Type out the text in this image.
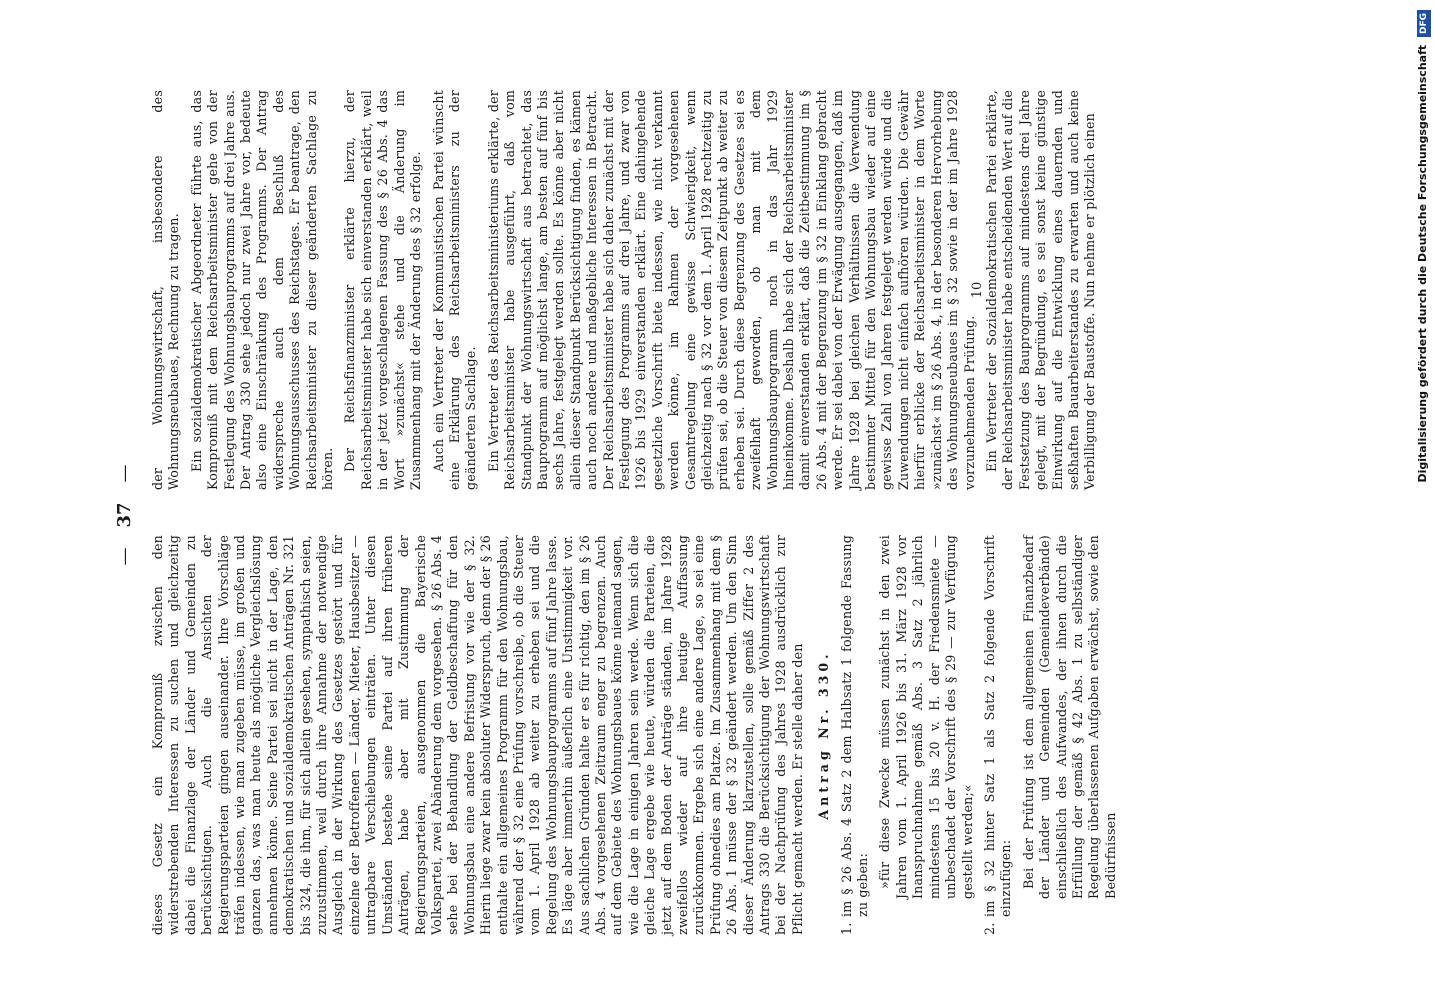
—
37
—

dieses Gesetz ein Kompromiß zwischen den widerstrebenden Interessen zu suchen und gleichzeitig dabei die Finanzlage der Länder und Gemeinden zu berücksichtigen. Auch die Ansichten der Regierungsparteien gingen auseinander. Ihre Vorschläge träfen indessen, wie man zugeben müsse, im großen und ganzen das, was man heute als mögliche Vergleichslösung annehmen könne. Seine Partei sei nicht in der Lage, den demokratischen und sozialdemokratischen Anträgen Nr. 321 bis 324, die ihm, für sich allein gesehen, sympathisch seien, zuzustimmen, weil durch ihre Annahme der notwendige Ausgleich in der Wirkung des Gesetzes gestört und für einzelne der Betroffenen — Länder, Mieter, Hausbesitzer — untragbare Verschiebungen einträten. Unter diesen Umständen bestehe seine Partei auf ihren früheren Anträgen, habe aber mit Zustimmung der Regierungsparteien, ausgenommen die Bayerische Volkspartei, zwei Abänderung dem vorgesehen. § 26 Abs. 4 sehe bei der Behandlung der Geldbeschaffung für den Wohnungsbau eine andere Befristung vor wie der § 32. Hierin liege zwar kein absoluter Widerspruch, denn der § 26 enthalte ein allgemeines Programm für den Wohnungsbau, während der § 32 eine Prüfung vorschreibe, ob die Steuer vom 1. April 1928 ab weiter zu erheben sei und die Regelung des Wohnungsbauprogramms auf fünf Jahre lasse. Es läge aber immerhin äußerlich eine Unstimmigkeit vor. Aus sachlichen Gründen halte er es für richtig, den im § 26 Abs. 4 vorgesehenen Zeitraum enger zu begrenzen. Auch auf dem Gebiete des Wohnungsbaues könne niemand sagen, wie die Lage in einigen Jahren sein werde. Wenn sich die gleiche Lage ergebe wie heute, würden die Parteien, die jetzt auf dem Boden der Anträge ständen, im Jahre 1928 zweifellos wieder auf ihre heutige Auffassung zurückkommen. Ergebe sich eine andere Lage, so sei eine Prüfung ohnedies am Platze. Im Zusammenhang mit dem § 26 Abs. 1 müsse der § 32 geändert werden. Um den Sinn dieser Änderung klarzustellen, solle gemäß Ziffer 2 des Antrags 330 die Berücksichtigung der Wohnungswirtschaft bei der Nachprüfung des Jahres 1928 ausdrücklich zur Pflicht gemacht werden. Er stelle daher den Antrag Nr. 330.

1.
im § 26 Abs. 4 Satz 2 dem Halbsatz 1 folgende Fassung zu geben: »für diese Zwecke müssen zunächst in den zwei Jahren vom 1. April 1926 bis 31. März 1928 vor Inanspruchnahme gemäß Abs. 3 Satz 2 jährlich mindestens 15 bis 20 v. H. der Friedensmiete — unbeschadet der Vorschrift des § 29 — zur Verfügung gestellt werden;«

2.
im § 32 hinter Satz 1 als Satz 2 folgende Vorschrift einzufügen: Bei der Prüfung ist dem allgemeinen Finanzbedarf der Länder und Gemeinden (Gemeindeverbände) einschließlich des Aufwandes, der ihnen durch die Erfüllung der gemäß § 42 Abs. 1 zu selbständiger Regelung überlassenen Aufgaben erwächst, sowie den Bedürfnissen

der Wohnungswirtschaft, insbesondere des Wohnungsneubaues, Rechnung zu tragen. Ein sozialdemokratischer Abgeordneter führte aus, das Kompromiß mit dem Reichsarbeitsminister gehe von der Festlegung des Wohnungsbauprogramms auf drei Jahre aus. Der Antrag 330 sehe jedoch nur zwei Jahre vor, bedeute also eine Einschränkung des Programms. Der Antrag widerspreche auch dem Beschluß des Wohnungsausschusses des Reichstages. Er beantrage, den Reichsarbeitsminister zu dieser geänderten Sachlage zu hören. Der Reichsfinanzminister erklärte hierzu, der Reichsarbeitsminister habe sich einverstanden erklärt, weil in der jetzt vorgeschlagenen Fassung des § 26 Abs. 4 das Wort »zunächst« stehe und die Änderung im Zusammenhang mit der Änderung des § 32 erfolge. Auch ein Vertreter der Kommunistischen Partei wünscht eine Erklärung des Reichsarbeitsministers zu der geänderten Sachlage. Ein Vertreter des Reichsarbeitsministeriums erklärte, der Reichsarbeitsminister habe ausgeführt, daß vom Standpunkt der Wohnungswirtschaft aus betrachtet, das Bauprogramm auf möglichst lange, am besten auf fünf bis sechs Jahre, festgelegt werden sollte. Es könne aber nicht allein dieser Standpunkt Berücksichtigung finden, es kämen auch noch andere und maßgebliche Interessen in Betracht. Der Reichsarbeitsminister habe sich daher zunächst mit der Festlegung des Programms auf drei Jahre, und zwar von 1926 bis 1929 einverstanden erklärt. Eine dahingehende gesetzliche Vorschrift biete indessen, wie nicht verkannt werden könne, im Rahmen der vorgesehenen Gesamtregelung eine gewisse Schwierigkeit, wenn gleichzeitig nach § 32 vor dem 1. April 1928 rechtzeitig zu prüfen sei, ob die Steuer von diesem Zeitpunkt ab weiter zu erheben sei. Durch diese Begrenzung des Gesetzes sei es zweifelhaft geworden, ob man mit dem Wohnungsbauprogramm noch in das Jahr 1929 hineinkomme. Deshalb habe sich der Reichsarbeitsminister damit einverstanden erklärt, daß die Zeitbestimmung im § 26 Abs. 4 mit der Begrenzung im § 32 in Einklang gebracht werde. Er sei dabei von der Erwägung ausgegangen, daß im Jahre 1928 bei gleichen Verhältnissen die Verwendung bestimmter Mittel für den Wohnungsbau wieder auf eine gewisse Zahl von Jahren festgelegt werden würde und die Zuwendungen nicht einfach aufhören würden. Die Gewähr hierfür erblicke der Reichsarbeitsminister in dem Worte »zunächst« im § 26 Abs. 4, in der besonderen Hervorhebung des Wohnungsneubaues im § 32 sowie in der im Jahre 1928 vorzunehmenden Prüfung. Ein Vertreter der Sozialdemokratischen Partei erklärte, der Reichsarbeitsminister habe entscheidenden Wert auf die Festsetzung des Bauprogramms auf mindestens drei Jahre gelegt, mit der Begründung, es sei sonst keine günstige Einwirkung auf die Entwicklung eines dauernden und seßhaften Bauarbeiterstandes zu erwarten und auch keine Verbilligung der Baustoffe. Nun nehme er plötzlich einen

10	Digitalisierung gefördert durch die Deutsche Forschungsgemeinschaft DFG
